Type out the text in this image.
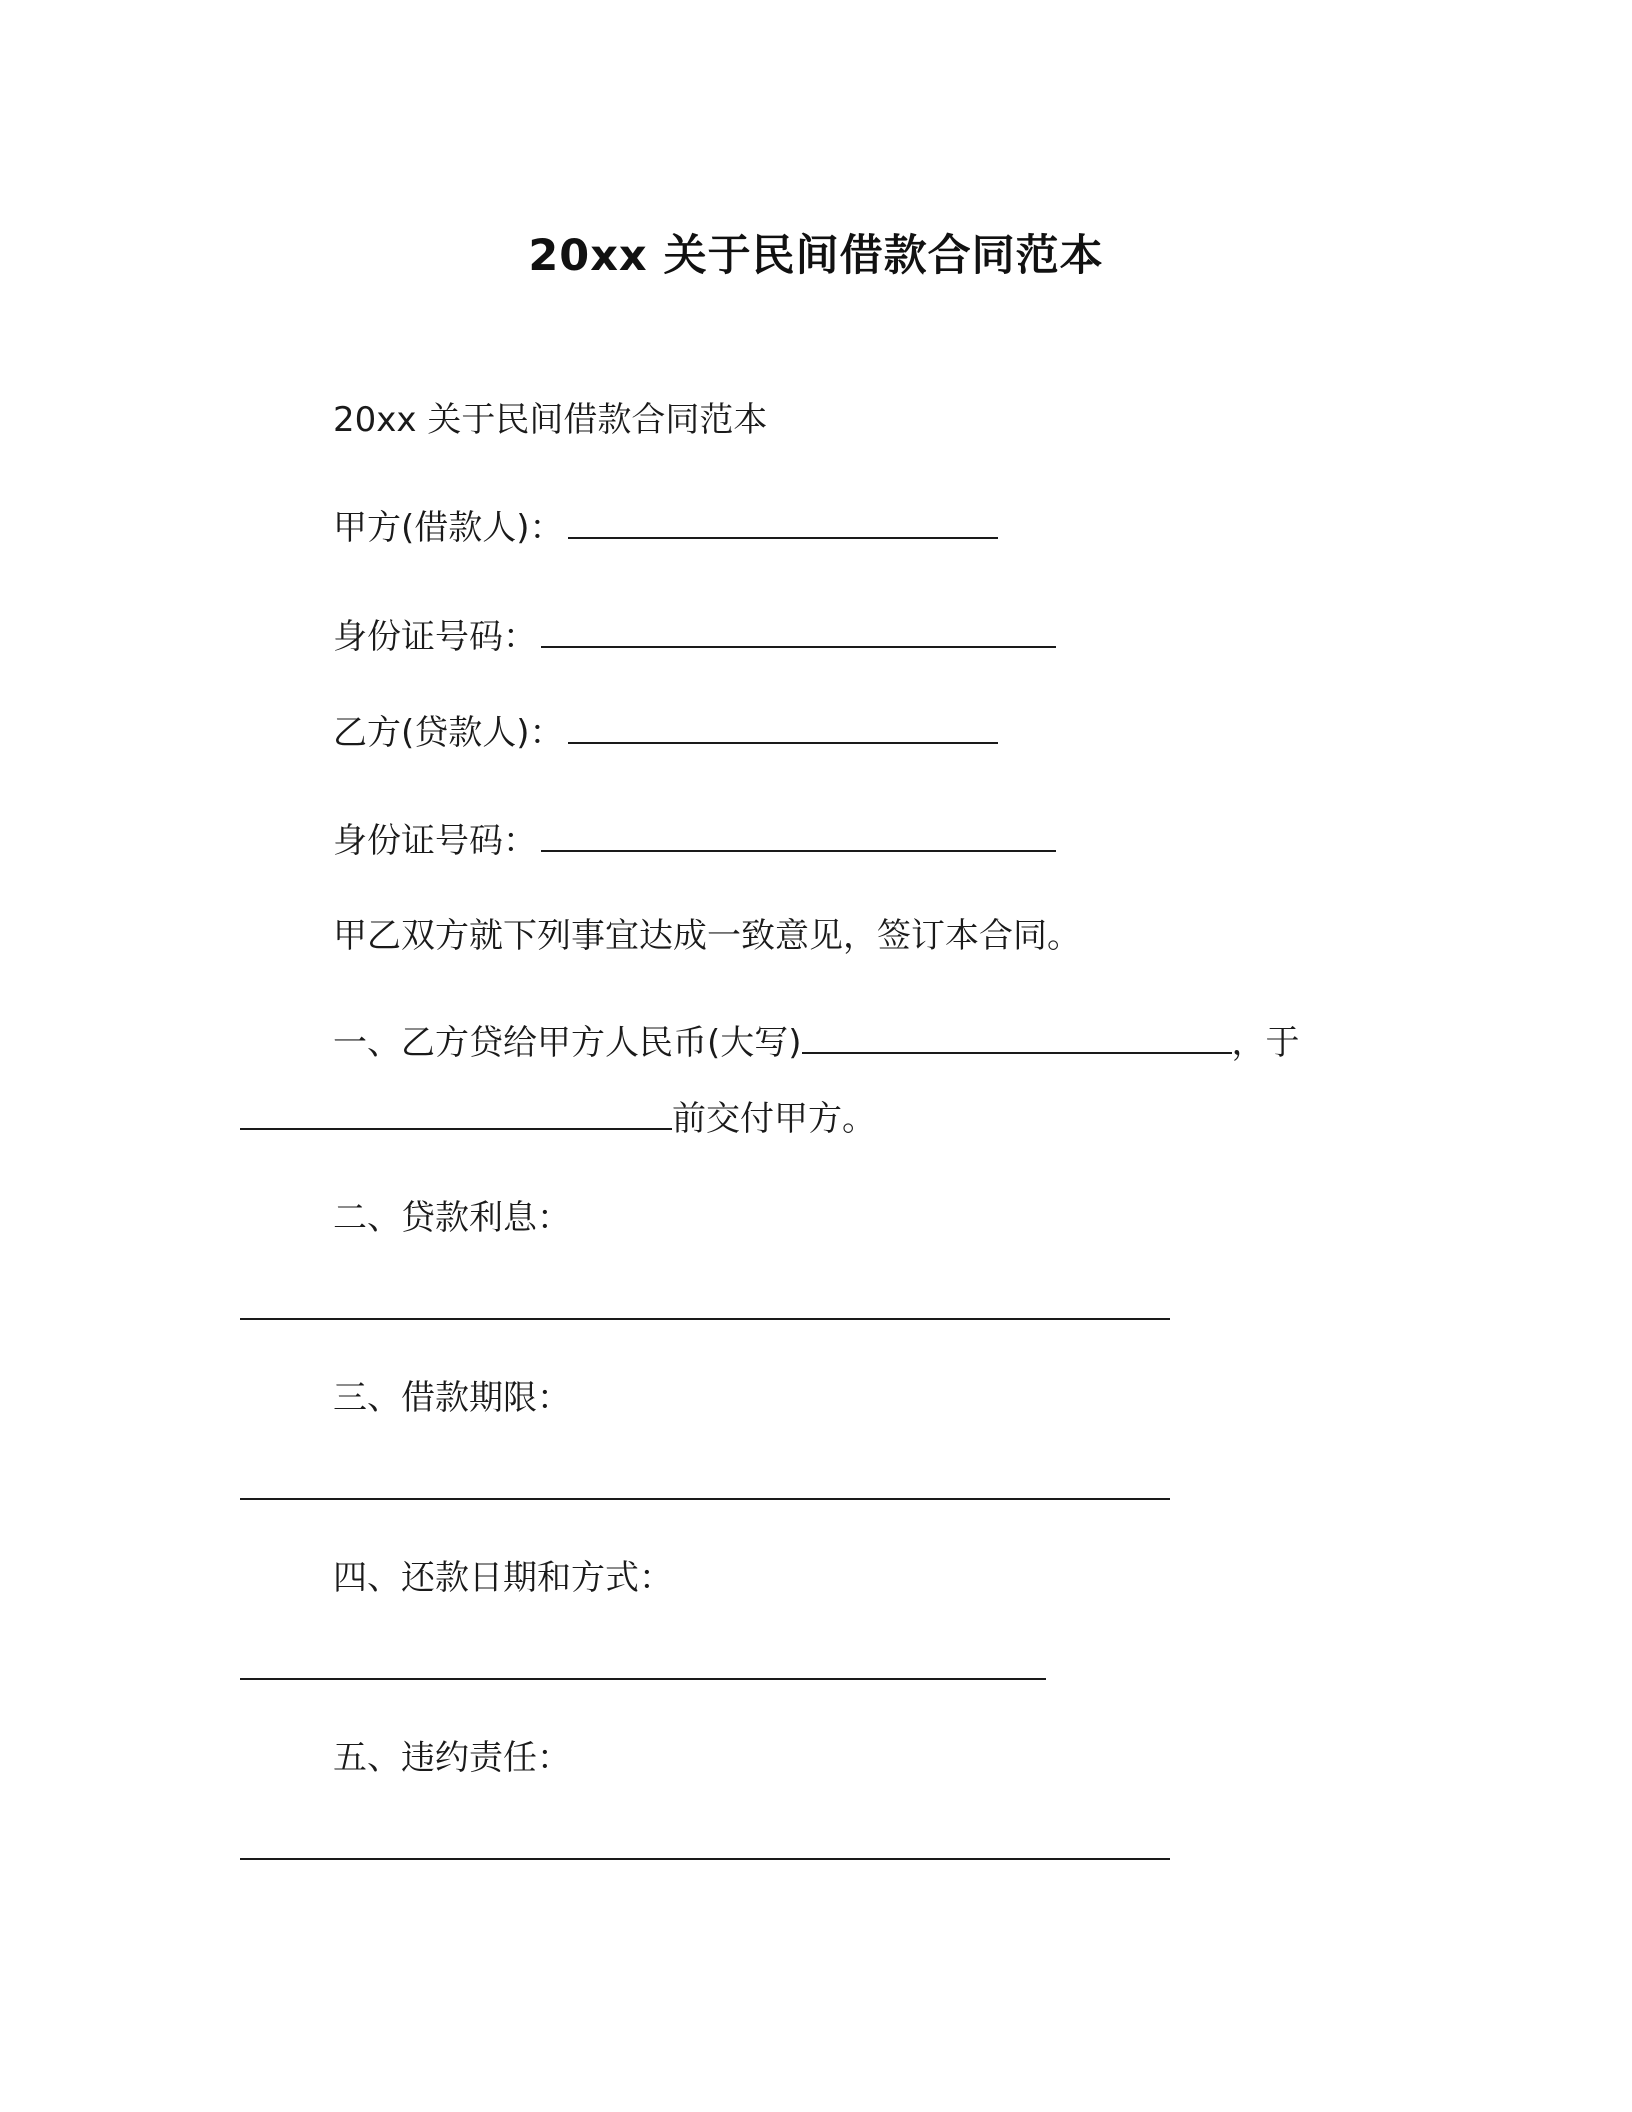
20xx 关于民间借款合同范本
20xx 关于民间借款合同范本
甲方(借款人)：
身份证号码：
乙方(贷款人)：
身份证号码：
甲乙双方就下列事宜达成一致意见，签订本合同。
一、乙方贷给甲方人民币(大写)	，于
前交付甲方。
二、贷款利息：
三、借款期限：
四、还款日期和方式：
五、违约责任：
